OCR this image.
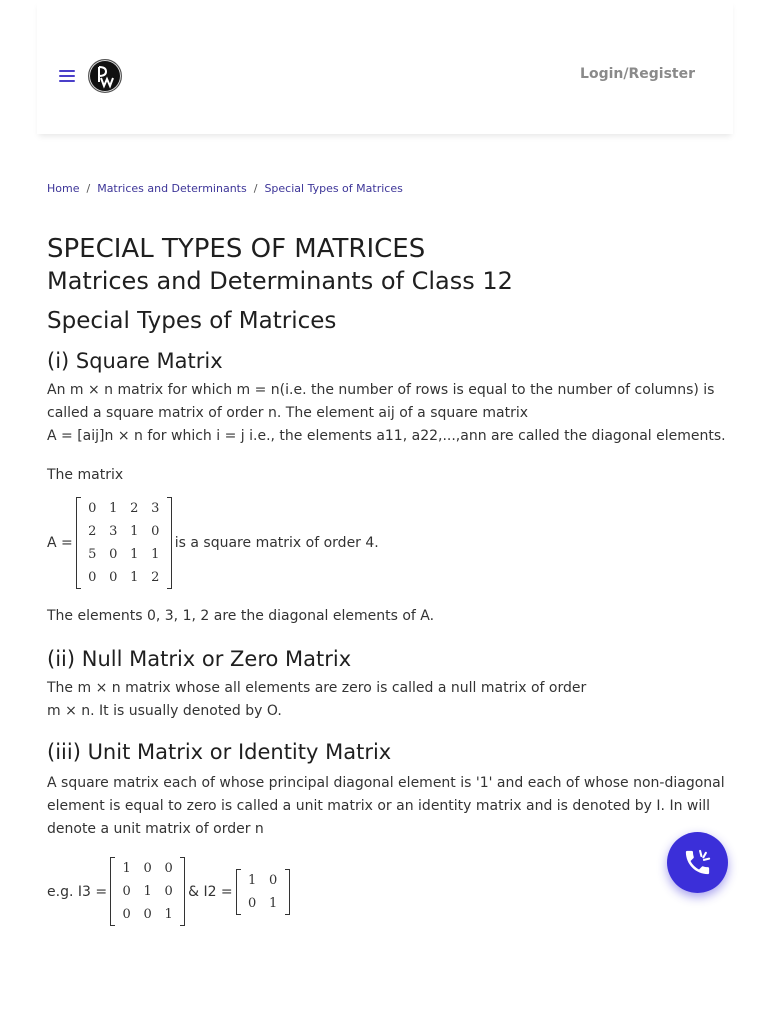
Login/Register
Home / Matrices and Determinants / Special Types of Matrices
SPECIAL TYPES OF MATRICES
Matrices and Determinants of Class 12
Special Types of Matrices
(i) Square Matrix

An m × n matrix for which m = n(i.e. the number of rows is equal to the number of columns) is called a square matrix of order n. The element aij of a square matrix

A = [aij]n × n for which i = j i.e., the elements a11, a22,...,ann are called the diagonal elements.

The matrix

A =
0 1 2 3
2 3 1 0
5 0 1 1
0 0 1 2
is a square matrix of order 4.

The elements 0, 3, 1, 2 are the diagonal elements of A.

(ii) Null Matrix or Zero Matrix

The m × n matrix whose all elements are zero is called a null matrix of order

m × n. It is usually denoted by O.

(iii) Unit Matrix or Identity Matrix

A square matrix each of whose principal diagonal element is '1' and each of whose non-diagonal element is equal to zero is called a unit matrix or an identity matrix and is denoted by I. In will denote a unit matrix of order n

e.g. I3 =
1 0 0
0 1 0
0 0 1
& I2 =
1 0
0 1
